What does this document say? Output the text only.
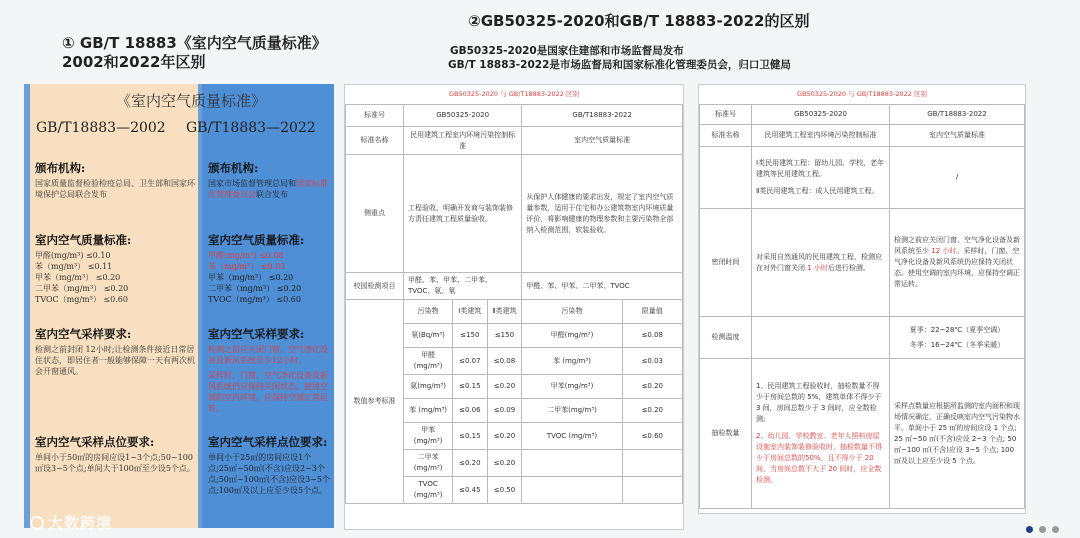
① GB/T 18883《室内空气质量标准》
2002和2022年区别
②GB50325-2020和GB/T 18883-2022的区别
GB50325-2020是国家住建部和市场监督局发布
GB/T 18883-2022是市场监督局和国家标准化管理委员会，归口卫健局
《室内空气质量标准》
GB/T18883—2002 GB/T18883—2022
颁布机构:

国家质量监督检验检疫总局、卫生部和国家环境保护总局联合发布

室内空气质量标准:

甲醛(mg/m³) ≤0.10

苯（mg/m³） ≤0.11

甲苯（mg/m³） ≤0.20

二甲苯（mg/m³） ≤0.20

TVOC（mg/m³） ≤0.60

室内空气采样要求:

检测之前封闭 12小时;让检测条件接近日常居住状态，即居住者一般能够保障一天有两次机会开窗通风。

室内空气采样点位要求:

单间小于50㎡的房间应设1~3个点;50~100㎡设3~5个点;单间大于100㎡至少设5个点。

颁布机构:

国家市场监督管理总局和国家标准化管理委员会联合发布

室内空气质量标准:

甲醛(mg/m³) ≤0.08

苯（mg/m³） ≤0.03

甲苯（mg/m³） ≤0.20

二甲苯（mg/m³） ≤0.20

TVOC（mg/m³） ≤0.60

室内空气采样要求:

检测之前应关闭门窗、空气净化设备及新风系统至少12小时。

采样时，门窗、空气净化设备及新风系统仍应保持关闭状态。使用空调的室内环境，应保持空调正常运转。

室内空气采样点位要求:

单间小于25㎡的房间应设1个点;25㎡~50㎡(不含)应设2~3个点;50㎡~100㎡(不含)应设3~5个点;100㎡及以上应至少设5个点。

大数跨境
GB50325-2020 与 GB/T18883-2022 区别					
标准号	GB50325-2020			GB/T18883-2022	
标准名称	民用建筑工程室内环境污染控制标准			室内空气质量标准	
侧重点	工程验收、明确开发商与装饰装修方责任建筑工程质量验收。			从保护人体健康的要求出发，规定了室内空气质量参数，适用于住宅和办公建筑物室内环境质量评价，将影响健康的物理参数和主要污染物全部纳入检测范围，软装验收。	
校园检测项目	甲醛、苯、甲苯、二甲苯、TVOC、氨、氡			甲醛、苯、甲苯、二甲苯、TVOC	
数值参考标准	污染物	Ⅰ类建筑	Ⅱ类建筑	污染物	限量值
	氡(Bq/m³)	≤150	≤150	甲醛(mg/m³)	≤0.08
	甲醛(mg/m³)	≤0.07	≤0.08	苯 (mg/m³)	≤0.03
	氨(mg/m³)	≤0.15	≤0.20	甲苯(mg/m³)	≤0.20
	苯 (mg/m³)	≤0.06	≤0.09	二甲苯(mg/m³)	≤0.20
	甲苯 (mg/m³)	≤0.15	≤0.20	TVOC (mg/m³)	≤0.60
	二甲苯 (mg/m³)	≤0.20	≤0.20		
	TVOC (mg/m³)	≤0.45	≤0.50		
GB50325-2020 与 GB/T18883-2022 区别		
标准号	GB50325-2020	GB/T18883-2022
标准名称	民用建筑工程室内环境污染控制标准	室内空气质量标准

	Ⅰ类民用建筑工程：留幼儿园、学校、老年建筑等民用建筑工程。
Ⅱ类民用建筑工程：成人民用建筑工程。	/
密闭时间	对采用自然通风的民用建筑工程，检测应在对外门窗关闭 1 小时后进行检测。	检测之前应关闭门窗、空气净化设备及新风系统至少 12 小时。采样时，门窗、空气净化设备及新风系统仍应保持关闭状态。使用空调的室内环境，应保持空调正常运转。
检测温度		夏季：22~28℃（夏季空调）
冬季：16~24℃（冬季采暖）

抽检数量	1、民用建筑工程验收时，抽检数量不得少于房间总数的 5%，建筑单体不得少于 3 间，房间总数少于 3 间时，应全数检测;
2、幼儿园、学校教室、老年人照料房屋设施室内装饰装修验收时，抽检数量不得少于房间总数的50%，且不得少于 20 间，当房间总数不大于 20 间时，应全数检测。	采样点数量应根据所监测的室内面积和现场情况确定，正确反映室内空气污染物水平。单间小于 25 ㎡的房间应设 1 个点; 25 ㎡~50 ㎡(不含)应设 2~3 个点; 50 ㎡~100 ㎡(不含)应设 3~5 个点; 100 ㎡及以上应至少设 5 个点。
